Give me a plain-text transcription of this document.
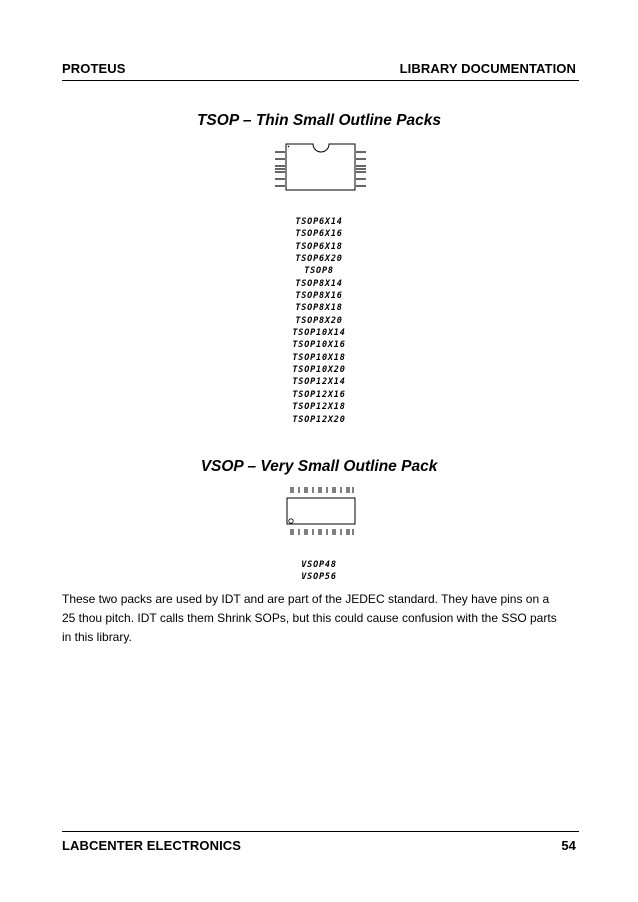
PROTEUS	LIBRARY DOCUMENTATION
TSOP – Thin Small Outline Packs
TSOP6X14
TSOP6X16
TSOP6X18
TSOP6X20
TSOP8
TSOP8X14
TSOP8X16
TSOP8X18
TSOP8X20
TSOP10X14
TSOP10X16
TSOP10X18
TSOP10X20
TSOP12X14
TSOP12X16
TSOP12X18
TSOP12X20
VSOP – Very Small Outline Pack
VSOP48
VSOP56

These two packs are used by IDT and are part of the JEDEC standard. They have pins on a 25 thou pitch. IDT calls them Shrink SOPs, but this could cause confusion with the SSO parts in this library.

LABCENTER ELECTRONICS	54
